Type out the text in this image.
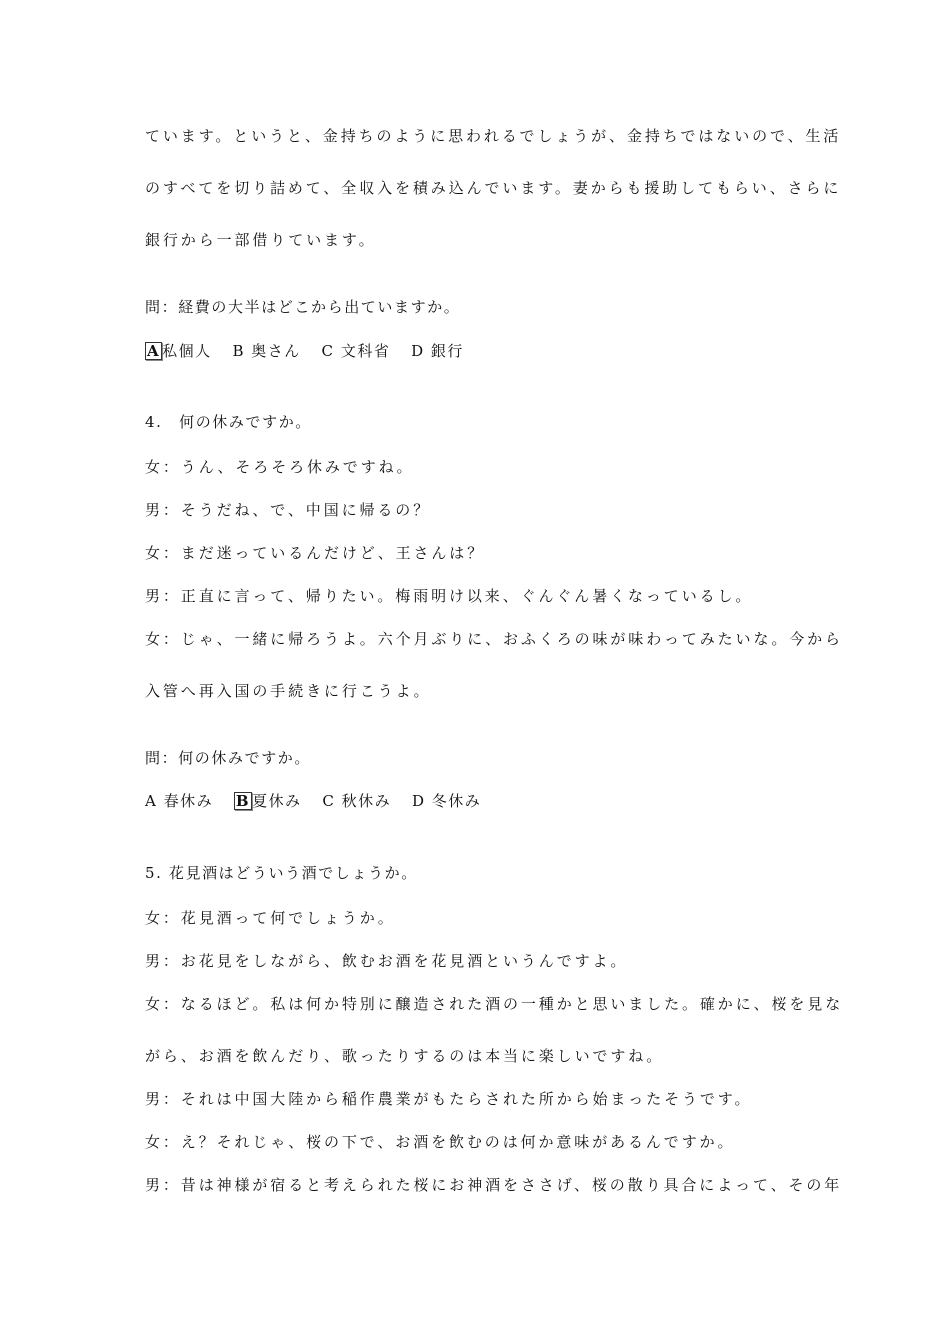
ています。というと、金持ちのように思われるでしょうが、金持ちではないので、生活
のすべてを切り詰めて、全収入を積み込んでいます。妻からも援助してもらい、さらに
銀行から一部借りています。
問：経費の大半はどこから出ていますか。
A 私個人 B 奥さん C 文科省 D 銀行
4.　何の休みですか。
女：うん、そろそろ休みですね。
男：そうだね、で、中国に帰るの？
女：まだ迷っているんだけど、王さんは？
男：正直に言って、帰りたい。梅雨明け以来、ぐんぐん暑くなっているし。
女：じゃ、一緒に帰ろうよ。六个月ぶりに、おふくろの味が味わってみたいな。今から
入管へ再入国の手続きに行こうよ。
問：何の休みですか。
A 春休み B 夏休み C 秋休み D 冬休み
5. 花見酒はどういう酒でしょうか。
女：花見酒って何でしょうか。
男：お花見をしながら、飲むお酒を花見酒というんですよ。
女：なるほど。私は何か特別に醸造された酒の一種かと思いました。確かに、桜を見な
がら、お酒を飲んだり、歌ったりするのは本当に楽しいですね。
男：それは中国大陸から稲作農業がもたらされた所から始まったそうです。
女：え？それじゃ、桜の下で、お酒を飲むのは何か意味があるんですか。
男：昔は神様が宿ると考えられた桜にお神酒をささげ、桜の散り具合によって、その年
